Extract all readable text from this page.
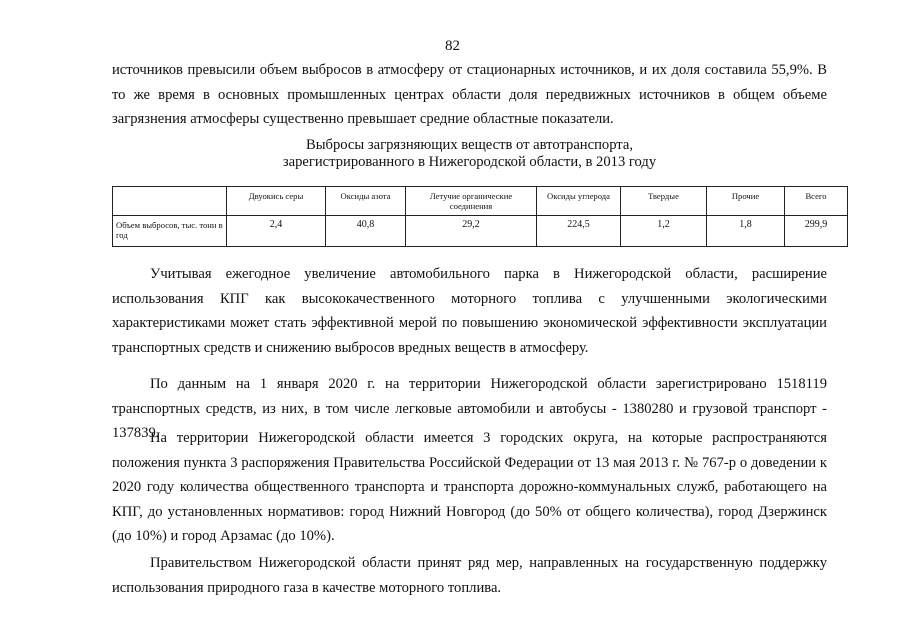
82

источников превысили объем выбросов в атмосферу от стационарных источников, и их доля составила 55,9%. В то же время в основных промышленных центрах области доля передвижных источников в общем объеме загрязнения атмосферы существенно превышает средние областные показатели.

Выбросы загрязняющих веществ от автотранспорта,
зарегистрированного в Нижегородской области, в 2013 году
	Двуокись серы	Оксиды азота	Летучие органические соединения	Оксиды углерода	Твердые	Прочие	Всего
Объем выбросов, тыс. тонн в год	2,4	40,8	29,2	224,5	1,2	1,8	299,9

Учитывая ежегодное увеличение автомобильного парка в Нижегородской области, расширение использования КПГ как высококачественного моторного топлива с улучшенными экологическими характеристиками может стать эффективной мерой по повышению экономической эффективности эксплуатации транспортных средств и снижению выбросов вредных веществ в атмосферу.

По данным на 1 января 2020 г. на территории Нижегородской области зарегистрировано 1518119 транспортных средств, из них, в том числе легковые автомобили и автобусы - 1380280 и грузовой транспорт - 137839.

На территории Нижегородской области имеется 3 городских округа, на которые распространяются положения пункта 3 распоряжения Правительства Российской Федерации от 13 мая 2013 г. № 767-р о доведении к 2020 году количества общественного транспорта и транспорта дорожно-коммунальных служб, работающего на КПГ, до установленных нормативов: город Нижний Новгород (до 50% от общего количества), город Дзержинск (до 10%) и город Арзамас (до 10%).

Правительством Нижегородской области принят ряд мер, направленных на государственную поддержку использования природного газа в качестве моторного топлива.
